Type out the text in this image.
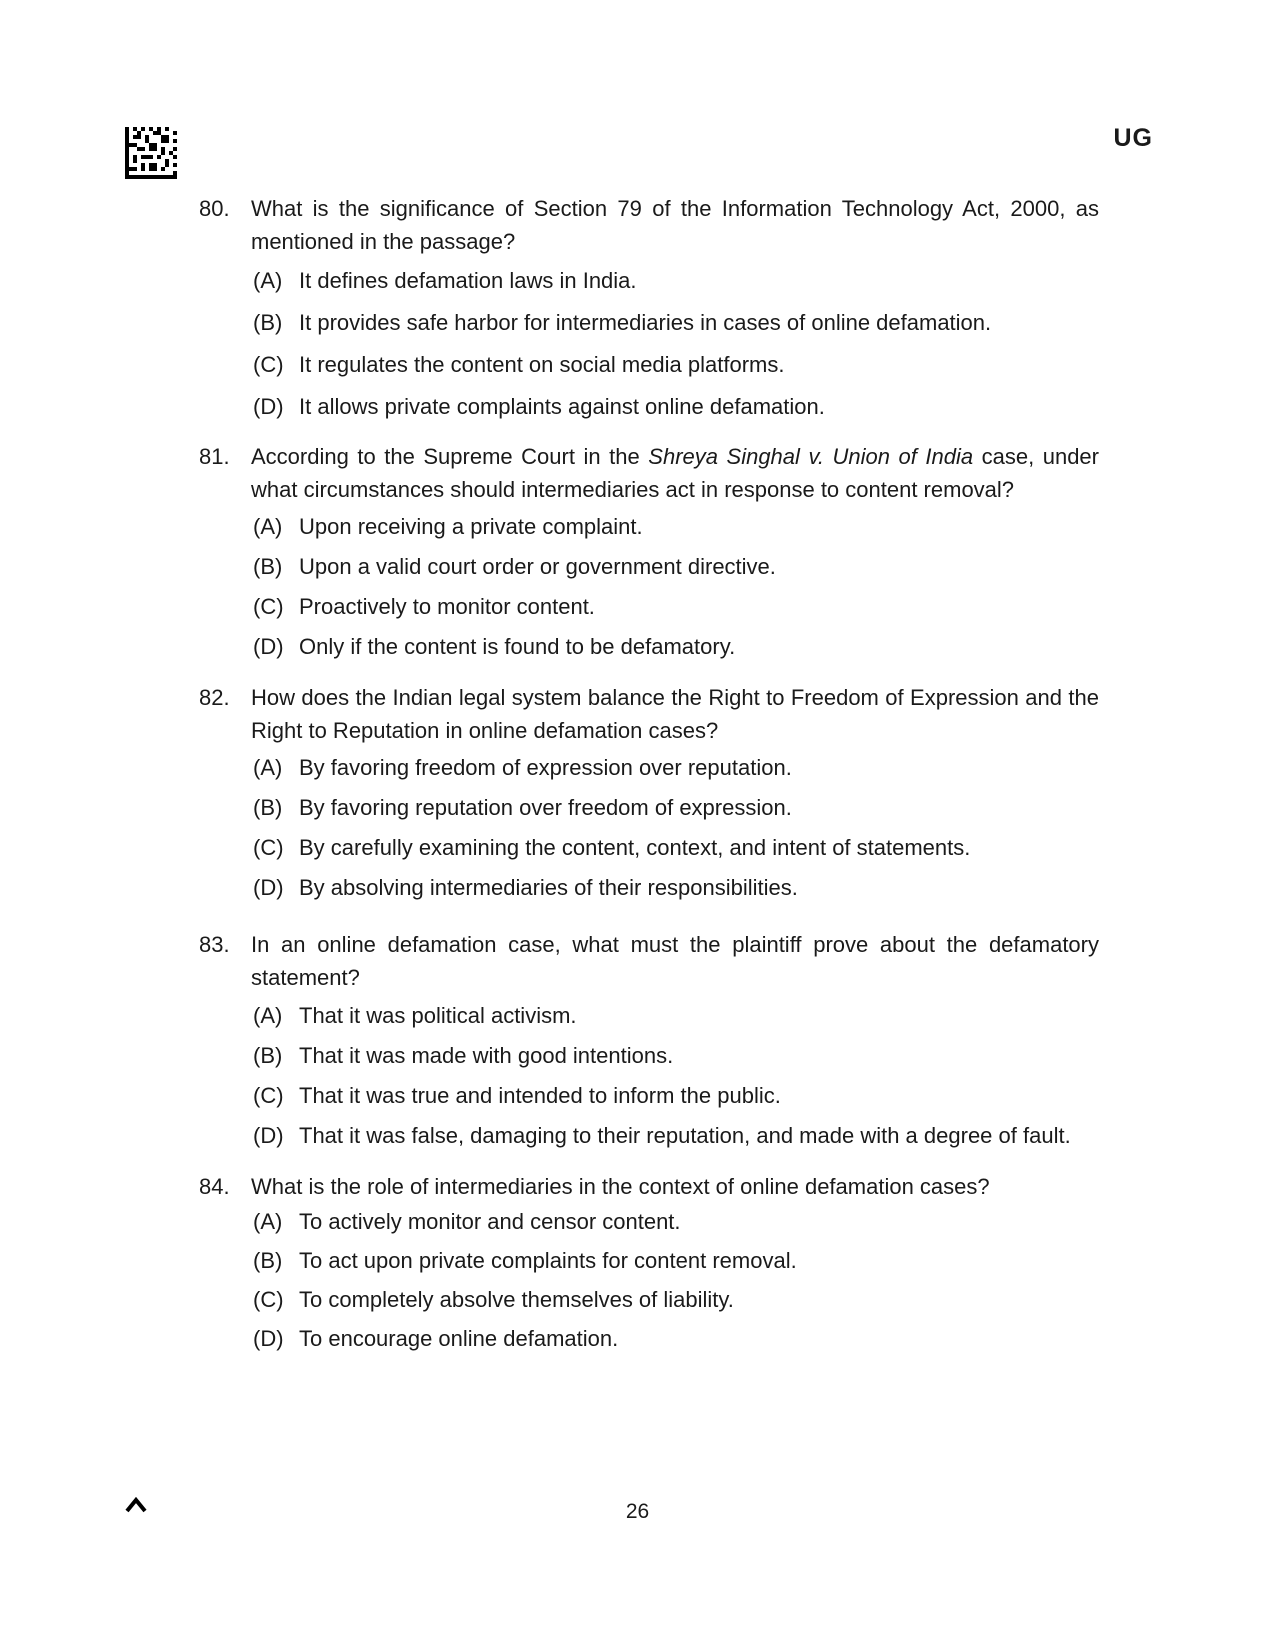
UG
80. What is the significance of Section 79 of the Information Technology Act, 2000, as mentioned in the passage?
(A) It defines defamation laws in India.
(B) It provides safe harbor for intermediaries in cases of online defamation.
(C) It regulates the content on social media platforms.
(D) It allows private complaints against online defamation.
81. According to the Supreme Court in the Shreya Singhal v. Union of India case, under what circumstances should intermediaries act in response to content removal?
(A) Upon receiving a private complaint.
(B) Upon a valid court order or government directive.
(C) Proactively to monitor content.
(D) Only if the content is found to be defamatory.
82. How does the Indian legal system balance the Right to Freedom of Expression and the Right to Reputation in online defamation cases?
(A) By favoring freedom of expression over reputation.
(B) By favoring reputation over freedom of expression.
(C) By carefully examining the content, context, and intent of statements.
(D) By absolving intermediaries of their responsibilities.
83. In an online defamation case, what must the plaintiff prove about the defamatory statement?
(A) That it was political activism.
(B) That it was made with good intentions.
(C) That it was true and intended to inform the public.
(D) That it was false, damaging to their reputation, and made with a degree of fault.
84. What is the role of intermediaries in the context of online defamation cases?
(A) To actively monitor and censor content.
(B) To act upon private complaints for content removal.
(C) To completely absolve themselves of liability.
(D) To encourage online defamation.
26
